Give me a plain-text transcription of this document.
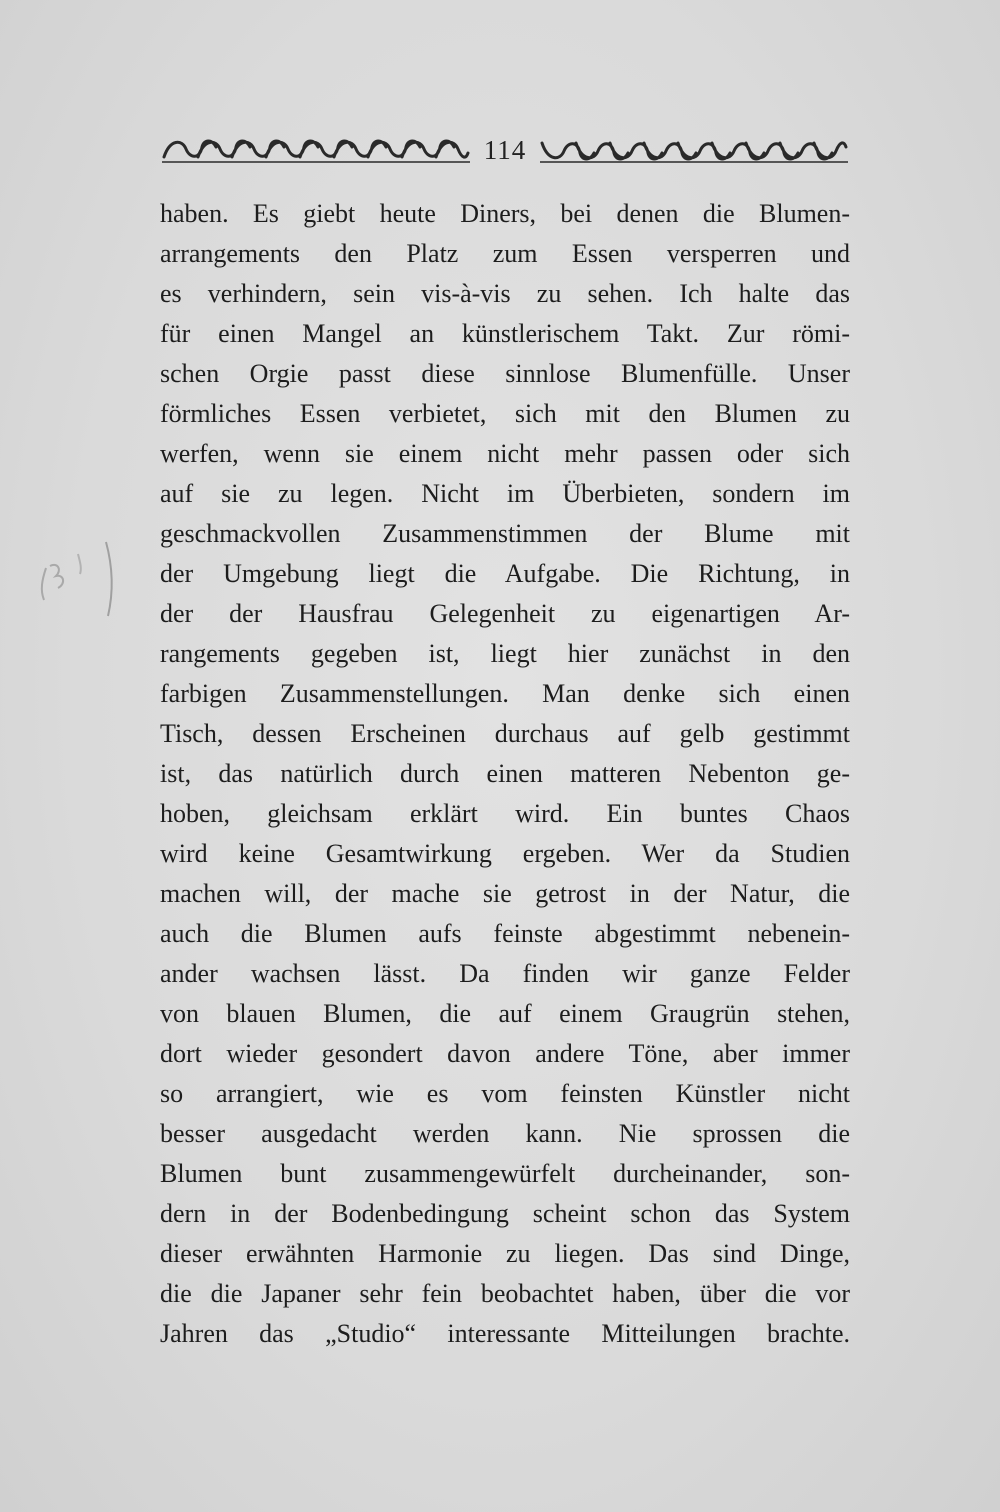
114
haben. Es giebt heute Diners, bei denen die Blumen-
arrangements den Platz zum Essen versperren und
es verhindern, sein vis-à-vis zu sehen. Ich halte das
für einen Mangel an künstlerischem Takt. Zur römi-
schen Orgie passt diese sinnlose Blumenfülle. Unser
förmliches Essen verbietet, sich mit den Blumen zu
werfen, wenn sie einem nicht mehr passen oder sich
auf sie zu legen. Nicht im Überbieten, sondern im
geschmackvollen Zusammenstimmen der Blume mit
der Umgebung liegt die Aufgabe. Die Richtung, in
der der Hausfrau Gelegenheit zu eigenartigen Ar-
rangements gegeben ist, liegt hier zunächst in den
farbigen Zusammenstellungen. Man denke sich einen
Tisch, dessen Erscheinen durchaus auf gelb gestimmt
ist, das natürlich durch einen matteren Nebenton ge-
hoben, gleichsam erklärt wird. Ein buntes Chaos
wird keine Gesamtwirkung ergeben. Wer da Studien
machen will, der mache sie getrost in der Natur, die
auch die Blumen aufs feinste abgestimmt nebenein-
ander wachsen lässt. Da finden wir ganze Felder
von blauen Blumen, die auf einem Graugrün stehen,
dort wieder gesondert davon andere Töne, aber immer
so arrangiert, wie es vom feinsten Künstler nicht
besser ausgedacht werden kann. Nie sprossen die
Blumen bunt zusammengewürfelt durcheinander, son-
dern in der Bodenbedingung scheint schon das System
dieser erwähnten Harmonie zu liegen. Das sind Dinge,
die die Japaner sehr fein beobachtet haben, über die vor
Jahren das „Studio“ interessante Mitteilungen brachte.
